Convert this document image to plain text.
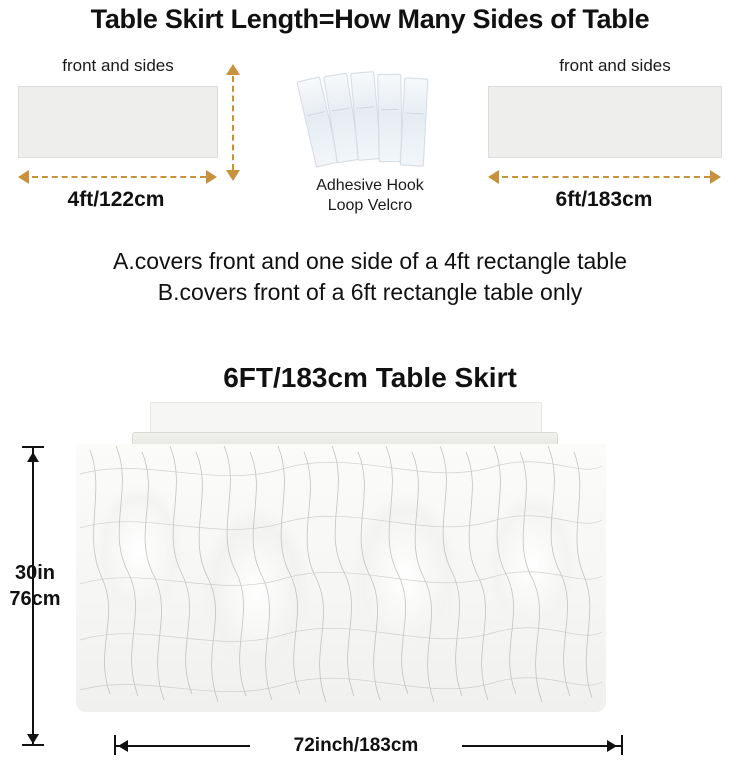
Table Skirt Length=How Many Sides of Table
front and sides
4ft/122cm
Adhesive Hook
Loop Velcro
front and sides
6ft/183cm

A.covers front and one side of a 4ft rectangle table

B.covers front of a 6ft rectangle table only

6FT/183cm Table Skirt
30in
76cm
72inch/183cm
